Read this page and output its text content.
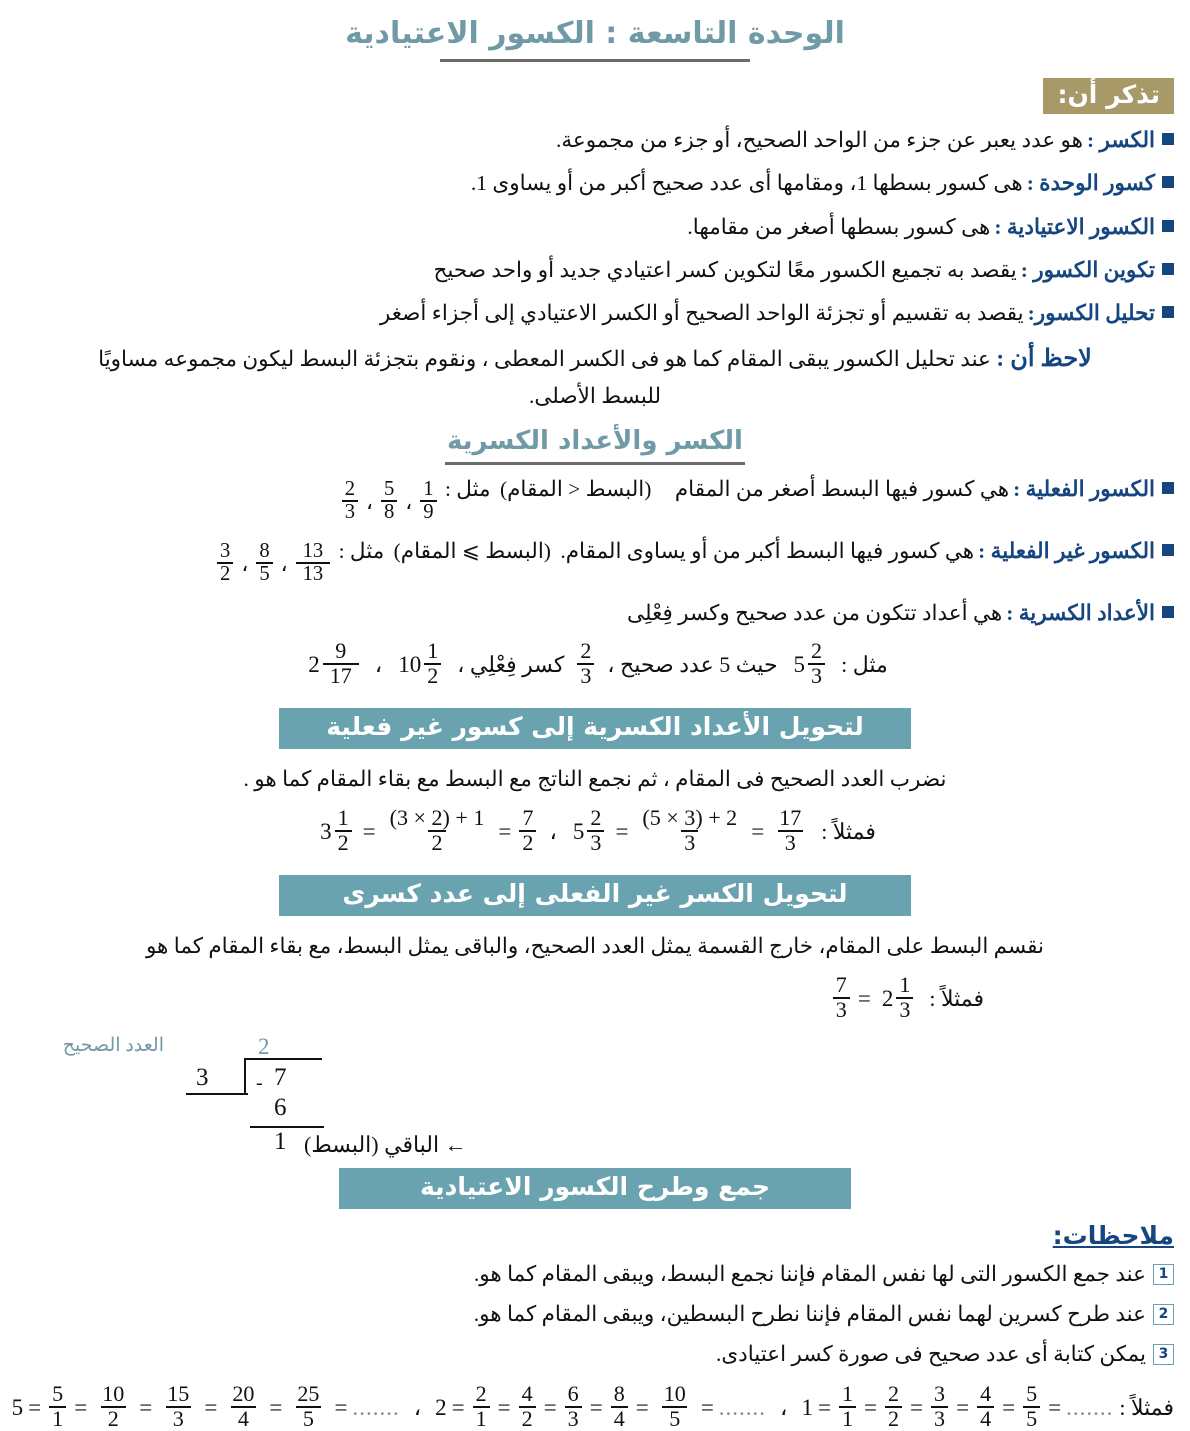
الوحدة التاسعة : الكسور الاعتيادية
تذكر أن:
الكسر :هو عدد يعبر عن جزء من الواحد الصحيح، أو جزء من مجموعة.
كسور الوحدة :هى كسور بسطها 1، ومقامها أى عدد صحيح أكبر من أو يساوى 1.
الكسور الاعتيادية :هى كسور بسطها أصغر من مقامها.
تكوين الكسور :يقصد به تجميع الكسور معًا لتكوين كسر اعتيادي جديد أو واحد صحيح
تحليل الكسور:يقصد به تقسيم أو تجزئة الواحد الصحيح أو الكسر الاعتيادي إلى أجزاء أصغر
لاحظ أن : عند تحليل الكسور يبقى المقام كما هو فى الكسر المعطى ، ونقوم بتجزئة البسط ليكون مجموعه مساويًا للبسط الأصلى.
الكسر والأعداد الكسرية
الكسور الفعلية :هي كسور فيها البسط أصغر من المقام (البسط < المقام) مثل :
$\frac{2}{3}$ ، $\frac{5}{8}$ ، $\frac{1}{9}$
الكسور غير الفعلية :هي كسور فيها البسط أكبر من أو يساوى المقام. (البسط ⩾ المقام) مثل :
$\frac{3}{2}$ ، $\frac{8}{5}$ ، $\frac{13}{13}$
الأعداد الكسرية :هي أعداد تتكون من عدد صحيح وكسر فِعْلِى
مثل :
$5 \frac{2}{3}$
حيث 5 عدد صحيح ،
$\frac{2}{3}$
كسر فِعْلِي ،
$10 \frac{1}{2}$
،
$2 \frac{9}{17}$
لتحويل الأعداد الكسرية إلى كسور غير فعلية
نضرب العدد الصحيح فى المقام ، ثم نجمع الناتج مع البسط مع بقاء المقام كما هو .
فمثلاً :
$5 \frac{2}{3} = \frac{(5 \times 3) + 2}{3} = \frac{17}{3}$
،
$3 \frac{1}{2} = \frac{(3 \times 2) + 1}{2} = \frac{7}{2}$
لتحويل الكسر غير الفعلى إلى عدد كسرى
نقسم البسط على المقام، خارج القسمة يمثل العدد الصحيح، والباقى يمثل البسط، مع بقاء المقام كما هو
فمثلاً :
$\frac{7}{3} = 2 \frac{1}{3}$
العدد الصحيح	2
3 - 7
6
1	← الباقي (البسط)
جمع وطرح الكسور الاعتيادية
ملاحظات:
1
عند جمع الكسور التى لها نفس المقام فإننا نجمع البسط، ويبقى المقام كما هو.
2
عند طرح كسرين لهما نفس المقام فإننا نطرح البسطين، ويبقى المقام كما هو.
3
يمكن كتابة أى عدد صحيح فى صورة كسر اعتيادى.
فمثلاً :
$1 = \frac{1}{1} = \frac{2}{2} = \frac{3}{3} = \frac{4}{4} = \frac{5}{5}$ = .......
،
$2 = \frac{2}{1} = \frac{4}{2} = \frac{6}{3} = \frac{8}{4} = \frac{10}{5}$ = .......
،
$5 = \frac{5}{1} = \frac{10}{2} = \frac{15}{3} = \frac{20}{4} = \frac{25}{5}$ = .......
